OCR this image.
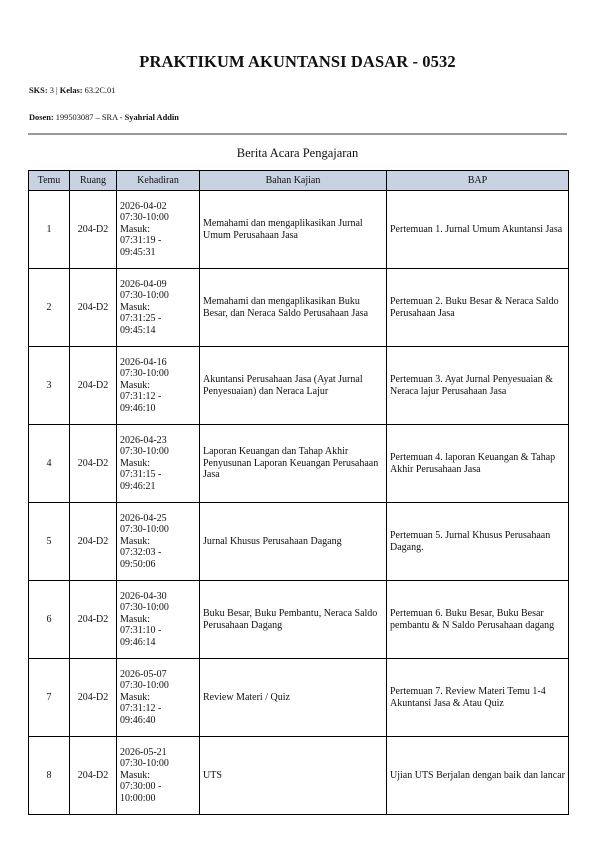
PRAKTIKUM AKUNTANSI DASAR - 0532
SKS: 3 | Kelas: 63.2C.01
Dosen: 199503087 – SRA - Syahrial Addin
Berita Acara Pengajaran
Temu	Ruang	Kehadiran	Bahan Kajian	BAP
1	204-D2	2026-04-02
07:30-10:00
Masuk:
07:31:19 -
09:45:31	Memahami dan mengaplikasikan Jurnal Umum Perusahaan Jasa	Pertemuan 1. Jurnal Umum Akuntansi Jasa
2	204-D2	2026-04-09
07:30-10:00
Masuk:
07:31:25 -
09:45:14	Memahami dan mengaplikasikan Buku Besar, dan Neraca Saldo Perusahaan Jasa	Pertemuan 2. Buku Besar & Neraca Saldo Perusahaan Jasa
3	204-D2	2026-04-16
07:30-10:00
Masuk:
07:31:12 -
09:46:10	Akuntansi Perusahaan Jasa (Ayat Jurnal Penyesuaian) dan Neraca Lajur	Pertemuan 3. Ayat Jurnal Penyesuaian & Neraca lajur Perusahaan Jasa
4	204-D2	2026-04-23
07:30-10:00
Masuk:
07:31:15 -
09:46:21	Laporan Keuangan dan Tahap Akhir Penyusunan Laporan Keuangan Perusahaan Jasa	Pertemuan 4. laporan Keuangan & Tahap Akhir Perusahaan Jasa
5	204-D2	2026-04-25
07:30-10:00
Masuk:
07:32:03 -
09:50:06	Jurnal Khusus Perusahaan Dagang	Pertemuan 5. Jurnal Khusus Perusahaan Dagang.
6	204-D2	2026-04-30
07:30-10:00
Masuk:
07:31:10 -
09:46:14	Buku Besar, Buku Pembantu, Neraca Saldo Perusahaan Dagang	Pertemuan 6. Buku Besar, Buku Besar pembantu & N Saldo Perusahaan dagang
7	204-D2	2026-05-07
07:30-10:00
Masuk:
07:31:12 -
09:46:40	Review Materi / Quiz	Pertemuan 7. Review Materi Temu 1-4 Akuntansi Jasa & Atau Quiz
8	204-D2	2026-05-21
07:30-10:00
Masuk:
07:30:00 -
10:00:00	UTS	Ujian UTS Berjalan dengan baik dan lancar
